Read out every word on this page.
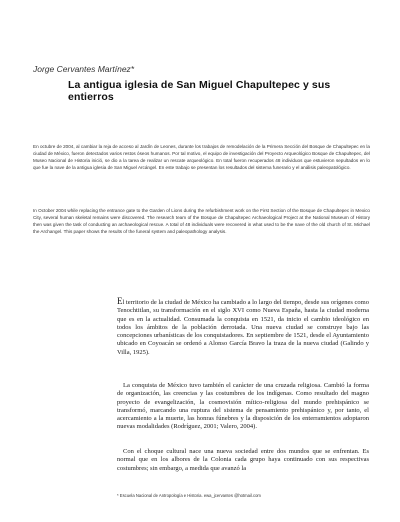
Jorge Cervantes Martínez*
La antigua iglesia de San Miguel Chapultepec y sus entierros

En octubre de 2004, al cambiar la reja de acceso al Jardín de Leones, durante los trabajos de remodelación de la Primera Sección del Bosque de Chapultepec en la ciudad de México, fueron detectados varios restos óseos humanos. Por tal motivo, el equipo de investigación del Proyecto Arqueológico Bosque de Chapultepec, del Museo Nacional de Historia inició, se dio a la tarea de realizar un rescate arqueológico. En total fueron recuperados 48 individuos que estuvieron sepultados en lo que fue la nave de la antigua iglesia de San Miguel Arcángel. En este trabajo se presentan los resultados del sistema funerario y el análisis paleopatológico.

In October 2004 while replacing the entrance gate to the Garden of Lions during the refurbishment work on the First Section of the Bosque de Chapultepec in Mexico City, several human skeletal remains were discovered. The research team of the Bosque de Chapultepec Archaeological Project at the National Museum of History then was given the task of conducting an archaeological rescue. A total of 48 individuals were recovered in what used to be the nave of the old church of St. Michael the Archangel. This paper shows the results of the funeral system and paleopathology analysis.

El territorio de la ciudad de México ha cambiado a lo largo del tiempo, desde sus orígenes como Tenochtitlan, su transformación en el siglo XVI como Nueva España, hasta la ciudad moderna que es en la actualidad. Consumada la conquista en 1521, da inicio el cambio ideológico en todos los ámbitos de la población derrotada. Una nueva ciudad se construye bajo las concepciones urbanísticas de los conquistadores. En septiembre de 1521, desde el Ayuntamiento ubicado en Coyoacán se ordenó a Alonso García Bravo la traza de la nueva ciudad (Galindo y Villa, 1925).

La conquista de México tuvo también el carácter de una cruzada religiosa. Cambió la forma de organización, las creencias y las costumbres de los indígenas. Como resultado del magno proyecto de evangelización, la cosmovisión mítico-religiosa del mundo prehispánico se transformó, marcando una ruptura del sistema de pensamiento prehispánico y, por tanto, el acercamiento a la muerte, las honras fúnebres y la disposición de los enterramientos adoptaron nuevas modalidades (Rodríguez, 2001; Valero, 2004).

Con el choque cultural nace una nueva sociedad entre dos mundos que se enfrentan. Es normal que en los albores de la Colonia cada grupo haya continuado con sus respectivas costumbres; sin embargo, a medida que avanzó la

* Escuela Nacional de Antropología e Historia. ewa_jcervantes @hotmail.com
